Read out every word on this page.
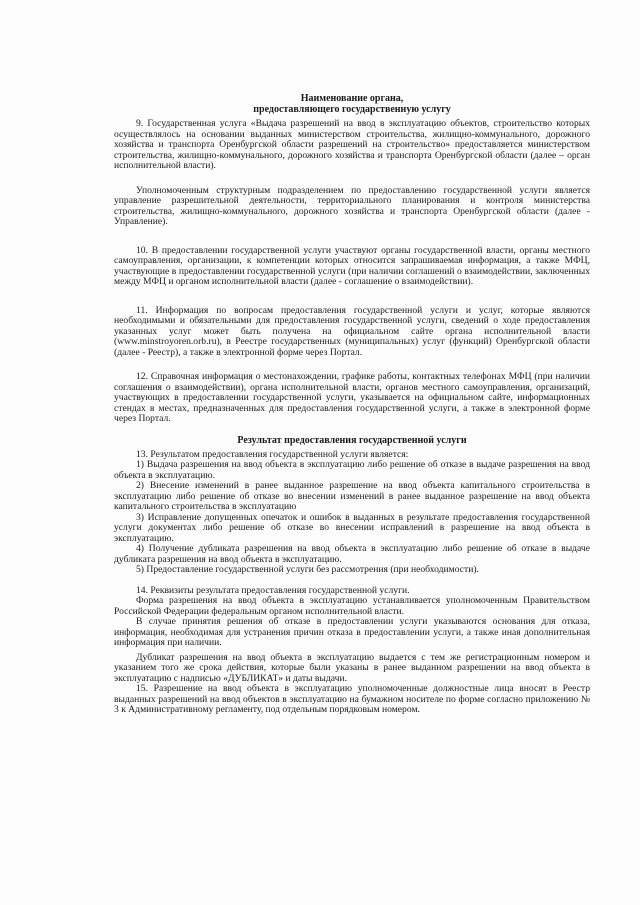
Наименование органа,

предоставляющего государственную услугу

9. Государственная услуга «Выдача разрешений на ввод в эксплуатацию объектов, строительство которых осуществлялось на основании выданных министерством строительства, жилищно-коммунального, дорожного хозяйства и транспорта Оренбургской области разрешений на строительство» предоставляется министерством строительства, жилищно-коммунального, дорожного хозяйства и транспорта Оренбургской области (далее – орган исполнительной власти).

Уполномоченным структурным подразделением по предоставлению государственной услуги является управление разрешительной деятельности, территориального планирования и контроля министерства строительства, жилищно-коммунального, дорожного хозяйства и транспорта Оренбургской области (далее - Управление).

10. В предоставлении государственной услуги участвуют органы государственной власти, органы местного самоуправления, организации, к компетенции которых относится запрашиваемая информация, а также МФЦ, участвующие в предоставлении государственной услуги (при наличии соглашений о взаимодействии, заключенных между МФЦ и органом исполнительной власти (далее - соглашение о взаимодействии).

11. Информация по вопросам предоставления государственной услуги и услуг, которые являются необходимыми и обязательными для предоставления государственной услуги, сведений о ходе предоставления указанных услуг может быть получена на официальном сайте органа исполнительной власти (www.minstroyoren.orb.ru), в Реестре государственных (муниципальных) услуг (функций) Оренбургской области (далее - Реестр), а также в электронной форме через Портал.

12. Справочная информация о местонахождении, графике работы, контактных телефонах МФЦ (при наличии соглашения о взаимодействии), органа исполнительной власти, органов местного самоуправления, организаций, участвующих в предоставлении государственной услуги, указывается на официальном сайте, информационных стендах в местах, предназначенных для предоставления государственной услуги, а также в электронной форме через Портал.

Результат предоставления государственной услуги

13. Результатом предоставления государственной услуги является:

1) Выдача разрешения на ввод объекта в эксплуатацию либо решение об отказе в выдаче разрешения на ввод объекта в эксплуатацию.

2) Внесение изменений в ранее выданное разрешение на ввод объекта капитального строительства в эксплуатацию либо решение об отказе во внесении изменений в ранее выданное разрешение на ввод объекта капитального строительства в эксплуатацию

3) Исправление допущенных опечаток и ошибок в выданных в результате предоставления государственной услуги документах либо решение об отказе во внесении исправлений в разрешение на ввод объекта в эксплуатацию.

4) Получение дубликата разрешения на ввод объекта в эксплуатацию либо решение об отказе в выдаче дубликата разрешения на ввод объекта в эксплуатацию.

5) Предоставление государственной услуги без рассмотрения (при необходимости).

14. Реквизиты результата предоставления государственной услуги.

Форма разрешения на ввод объекта в эксплуатацию устанавливается уполномоченным Правительством Российской Федерации федеральным органом исполнительной власти.

В случае принятия решения об отказе в предоставлении услуги указываются основания для отказа, информация, необходимая для устранения причин отказа в предоставлении услуги, а также иная дополнительная информация при наличии.

Дубликат разрешения на ввод объекта в эксплуатацию выдается с тем же регистрационным номером и указанием того же срока действия, которые были указаны в ранее выданном разрешении на ввод объекта в эксплуатацию с надписью «ДУБЛИКАТ» и даты выдачи.

15. Разрешение на ввод объекта в эксплуатацию уполномоченные должностные лица вносят в Реестр выданных разрешений на ввод объектов в эксплуатацию на бумажном носителе по форме согласно приложению № 3 к Административному регламенту, под отдельным порядковым номером.
